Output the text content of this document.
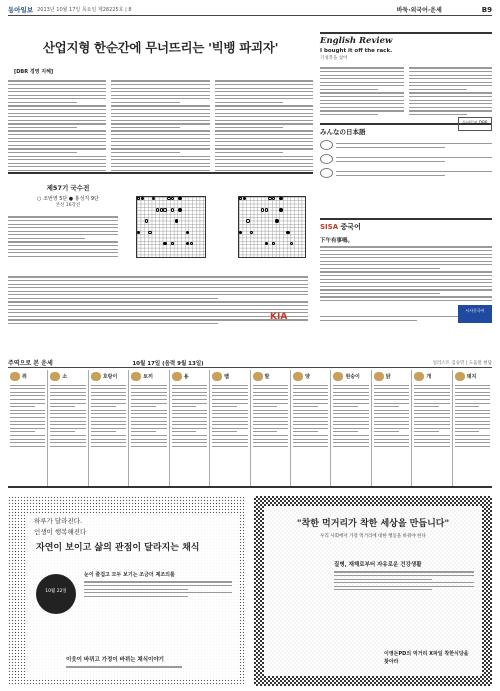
동아일보 2013년 10월 17일 목요일 제28225호 | 8	바둑·외국어·운세	B9
산업지형 한순간에 무너뜨리는 '빅뱅 파괴자'
[DBR 경영 지혜]
English Review
I bought it off the rack.
기성복을 샀어
동아일보 DBR
みんなの日本語
SISA 중국어
下午有事嗎。
시사중국어
제57기 국수전
○ 조번영 5단 ● 홍성지 9단
본선 16강전
KIA
주역으로 본 운세	10월 17일 (음력 9월 13일)	일러스트 김승민 | 도움말 현담
쥐	소	호랑이	토끼	용	뱀	말	양	원숭이	닭	개	돼지
하루가 달라진다.
인생이 행복해진다
자연이 보이고 삶의 관점이 달라지는 채식
10월 22일
눈이 즐겁고 모두 보기는 조금더 제조의를
이웃이 바뀌고 가정이 바뀌는 채식이야기
"착한 먹거리가 착한 세상을 만듭니다"
우리 사회에서 가장 먹거리에 대한 행동을 바꿔야 한다
질병, 재해로부터 자유로운 건강생활
이영돈PD의 먹거리 X파일 착한식당을 찾아라
